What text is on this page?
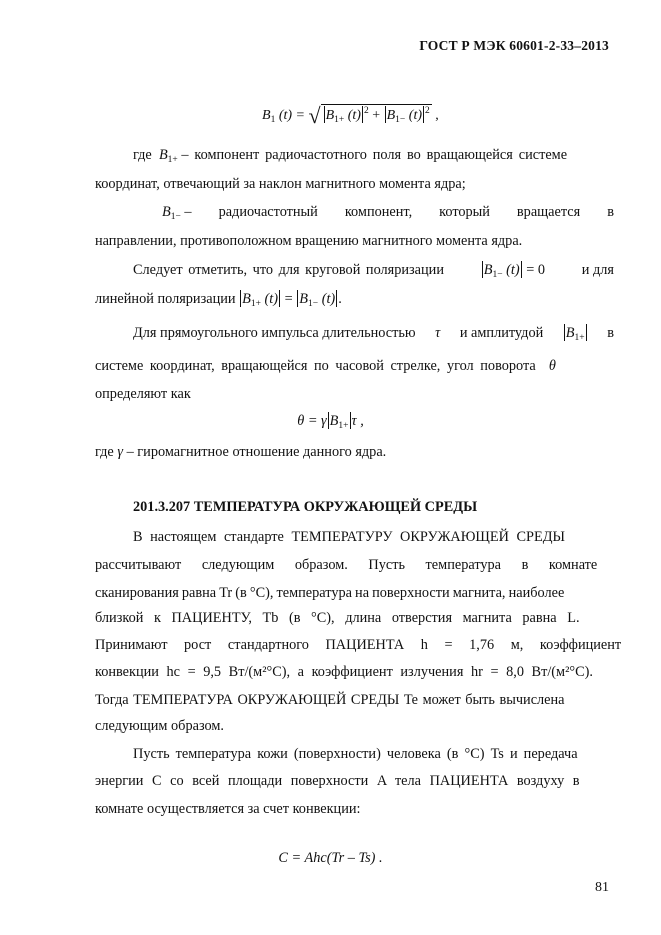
ГОСТ Р МЭК 60601-2-33–2013
$B_1$ (t) = √ $B_{1+}$ (t) $^2 + B_{1-}$ (t) $^2$ ,
где $B_{1+}$ – компонент радиочастотного поля во вращающейся системе
координат, отвечающий за наклон магнитного момента ядра;
$B_{1-}$ – радиочастотный компонент, который вращается в
направлении, противоположном вращению магнитного момента ядра.
Следует отметить, что для круговой поляризации	$B_{1-}$ (t) = 0	и для
линейной поляризации $B_{1+}$ $(t) = B_{1-}$ (t) .
Для прямоугольного импульса длительностью τ и амплитудой $B_{1+}$ в
системе координат, вращающейся по часовой стрелке, угол поворота θ
определяют как
θ = γ $B_{1+}$ τ ,
где γ – гиромагнитное отношение данного ядра.
201.3.207 ТЕМПЕРАТУРА ОКРУЖАЮЩЕЙ СРЕДЫ
В настоящем стандарте ТЕМПЕРАТУРУ ОКРУЖАЮЩЕЙ СРЕДЫ
рассчитывают следующим образом. Пусть температура в комнате
сканирования равна Tr (в °С), температура на поверхности магнита, наиболее
близкой к ПАЦИЕНТУ, Tb (в °С), длина отверстия магнита равна L.
Принимают рост стандартного ПАЦИЕНТА h = 1,76 м, коэффициент
конвекции hc = 9,5 Вт/(м²°С), а коэффициент излучения hr = 8,0 Вт/(м²°С).
Тогда ТЕМПЕРАТУРА ОКРУЖАЮЩЕЙ СРЕДЫ Te может быть вычислена
следующим образом.
Пусть температура кожи (поверхности) человека (в °С) Ts и передача
энергии C со всей площади поверхности A тела ПАЦИЕНТА воздуху в
комнате осуществляется за счет конвекции:
C = Ahc(Tr – Ts) .
81
